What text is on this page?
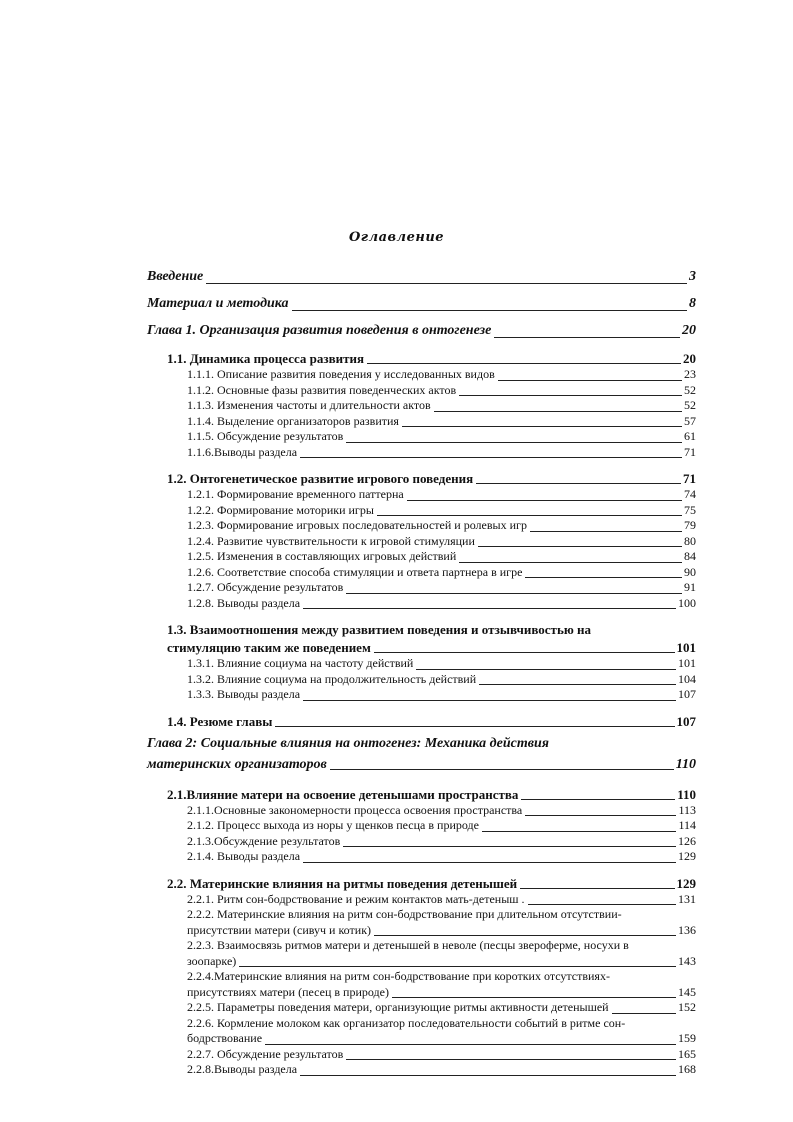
Оглавление
Введение	3
Материал и методика	8
Глава 1. Организация развития поведения в онтогенезе	20
1.1. Динамика процесса развития	20
1.1.1. Описание развития поведения у исследованных видов	23
1.1.2. Основные фазы развития поведенческих актов	52
1.1.3. Изменения частоты и длительности актов	52
1.1.4. Выделение организаторов развития	57
1.1.5. Обсуждение результатов	61
1.1.6.Выводы раздела	71
1.2. Онтогенетическое развитие игрового поведения	71
1.2.1. Формирование временного паттерна	74
1.2.2. Формирование моторики игры	75
1.2.3. Формирование игровых последовательностей и ролевых игр	79
1.2.4. Развитие чувствительности к игровой стимуляции	80
1.2.5. Изменения в составляющих игровых действий	84
1.2.6. Соответствие способа стимуляции и ответа партнера в игре	90
1.2.7. Обсуждение результатов	91
1.2.8. Выводы раздела	100
1.3. Взаимоотношения между развитием поведения и отзывчивостью на
стимуляцию таким же поведением	101
1.3.1. Влияние социума на частоту действий	101
1.3.2. Влияние социума на продолжительность действий	104
1.3.3. Выводы раздела	107
1.4. Резюме главы	107
Глава 2: Социальные влияния на онтогенез: Механика действия
материнских организаторов	110
2.1.Влияние матери на освоение детенышами пространства	110
2.1.1.Основные закономерности процесса освоения пространства	113
2.1.2. Процесс выхода из норы у щенков песца в природе	114
2.1.3.Обсуждение результатов	126
2.1.4. Выводы раздела	129
2.2. Материнские влияния на ритмы поведения детенышей	129
2.2.1. Ритм сон-бодрствование и режим контактов мать-детеныш .	131
2.2.2. Материнские влияния на ритм сон-бодрствование при длительном отсутствии-
присутствии матери (сивуч и котик)	136
2.2.3. Взаимосвязь ритмов матери и детенышей в неволе (песцы звероферме, носухи в
зоопарке)	143
2.2.4.Материнские влияния на ритм сон-бодрствование при коротких отсутствиях-
присутствиях матери (песец в природе)	145
2.2.5. Параметры поведения матери, организующие ритмы активности детенышей	152
2.2.6. Кормление молоком как организатор последовательности событий в ритме сон-
бодрствование	159
2.2.7. Обсуждение результатов	165
2.2.8.Выводы раздела	168
